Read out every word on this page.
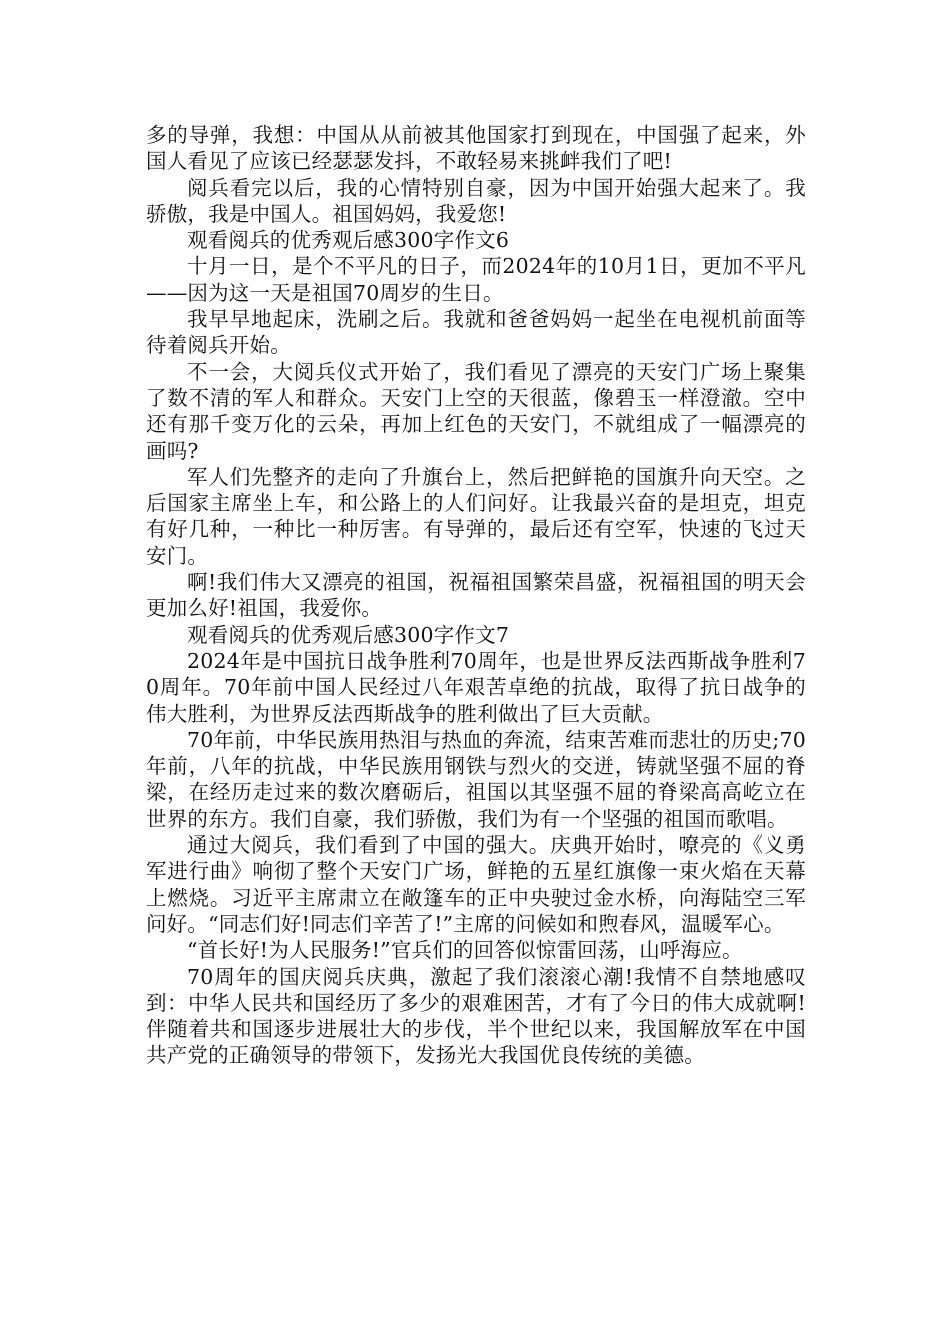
多的导弹，我想：中国从从前被其他国家打到现在，中国强了起来，外国人看见了应该已经瑟瑟发抖，不敢轻易来挑衅我们了吧!

阅兵看完以后，我的心情特别自豪，因为中国开始强大起来了。我骄傲，我是中国人。祖国妈妈，我爱您!

观看阅兵的优秀观后感300字作文6

十月一日，是个不平凡的日子，而2024年的10月1日，更加不平凡——因为这一天是祖国70周岁的生日。

我早早地起床，洗刷之后。我就和爸爸妈妈一起坐在电视机前面等待着阅兵开始。

不一会，大阅兵仪式开始了，我们看见了漂亮的天安门广场上聚集了数不清的军人和群众。天安门上空的天很蓝，像碧玉一样澄澈。空中还有那千变万化的云朵，再加上红色的天安门，不就组成了一幅漂亮的画吗?

军人们先整齐的走向了升旗台上，然后把鲜艳的国旗升向天空。之后国家主席坐上车，和公路上的人们问好。让我最兴奋的是坦克，坦克有好几种，一种比一种厉害。有导弹的，最后还有空军，快速的飞过天安门。

啊!我们伟大又漂亮的祖国，祝福祖国繁荣昌盛，祝福祖国的明天会更加么好!祖国，我爱你。

观看阅兵的优秀观后感300字作文7

2024年是中国抗日战争胜利70周年，也是世界反法西斯战争胜利70周年。70年前中国人民经过八年艰苦卓绝的抗战，取得了抗日战争的伟大胜利，为世界反法西斯战争的胜利做出了巨大贡献。

70年前，中华民族用热泪与热血的奔流，结束苦难而悲壮的历史;70年前，八年的抗战，中华民族用钢铁与烈火的交迸，铸就坚强不屈的脊梁，在经历走过来的数次磨砺后，祖国以其坚强不屈的脊梁高高屹立在世界的东方。我们自豪，我们骄傲，我们为有一个坚强的祖国而歌唱。

通过大阅兵，我们看到了中国的强大。庆典开始时，嘹亮的《义勇军进行曲》响彻了整个天安门广场，鲜艳的五星红旗像一束火焰在天幕上燃烧。习近平主席肃立在敞篷车的正中央驶过金水桥，向海陆空三军问好。“同志们好!同志们辛苦了!”主席的问候如和煦春风，温暖军心。

“首长好!为人民服务!”官兵们的回答似惊雷回荡，山呼海应。

70周年的国庆阅兵庆典，激起了我们滚滚心潮!我情不自禁地感叹到：中华人民共和国经历了多少的艰难困苦，才有了今日的伟大成就啊!伴随着共和国逐步进展壮大的步伐，半个世纪以来，我国解放军在中国共产党的正确领导的带领下，发扬光大我国优良传统的美德。
